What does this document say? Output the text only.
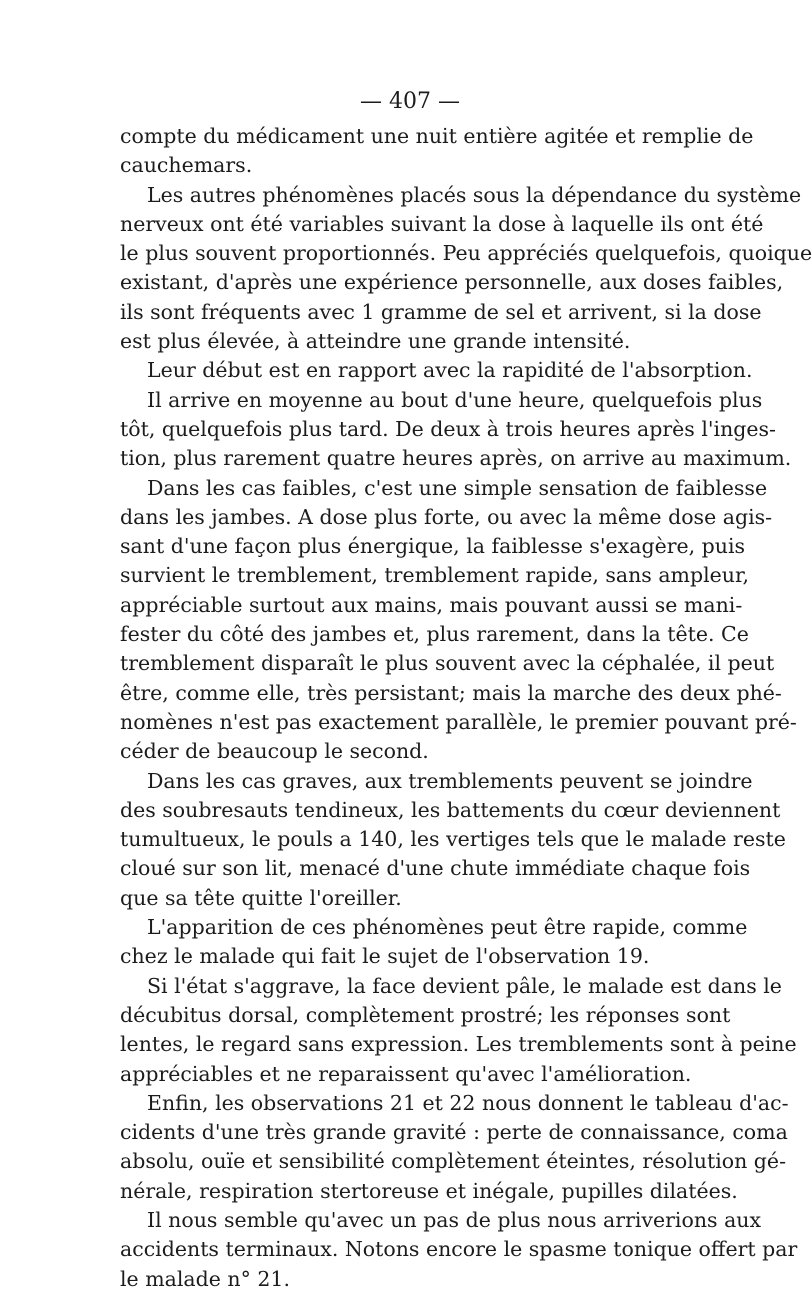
— 407 —
compte du médicament une nuit entière agitée et remplie de
cauchemars.
Les autres phénomènes placés sous la dépendance du système
nerveux ont été variables suivant la dose à laquelle ils ont été
le plus souvent proportionnés. Peu appréciés quelquefois, quoique
existant, d'après une expérience personnelle, aux doses faibles,
ils sont fréquents avec 1 gramme de sel et arrivent, si la dose
est plus élevée, à atteindre une grande intensité.
Leur début est en rapport avec la rapidité de l'absorption.
Il arrive en moyenne au bout d'une heure, quelquefois plus
tôt, quelquefois plus tard. De deux à trois heures après l'inges-
tion, plus rarement quatre heures après, on arrive au maximum.
Dans les cas faibles, c'est une simple sensation de faiblesse
dans les jambes. A dose plus forte, ou avec la même dose agis-
sant d'une façon plus énergique, la faiblesse s'exagère, puis
survient le tremblement, tremblement rapide, sans ampleur,
appréciable surtout aux mains, mais pouvant aussi se mani-
fester du côté des jambes et, plus rarement, dans la tête. Ce
tremblement disparaît le plus souvent avec la céphalée, il peut
être, comme elle, très persistant; mais la marche des deux phé-
nomènes n'est pas exactement parallèle, le premier pouvant pré-
céder de beaucoup le second.
Dans les cas graves, aux tremblements peuvent se joindre
des soubresauts tendineux, les battements du cœur deviennent
tumultueux, le pouls a 140, les vertiges tels que le malade reste
cloué sur son lit, menacé d'une chute immédiate chaque fois
que sa tête quitte l'oreiller.
L'apparition de ces phénomènes peut être rapide, comme
chez le malade qui fait le sujet de l'observation 19.
Si l'état s'aggrave, la face devient pâle, le malade est dans le
décubitus dorsal, complètement prostré; les réponses sont
lentes, le regard sans expression. Les tremblements sont à peine
appréciables et ne reparaissent qu'avec l'amélioration.
Enfin, les observations 21 et 22 nous donnent le tableau d'ac-
cidents d'une très grande gravité : perte de connaissance, coma
absolu, ouïe et sensibilité complètement éteintes, résolution gé-
nérale, respiration stertoreuse et inégale, pupilles dilatées.
Il nous semble qu'avec un pas de plus nous arriverions aux
accidents terminaux. Notons encore le spasme tonique offert par
le malade n° 21.
